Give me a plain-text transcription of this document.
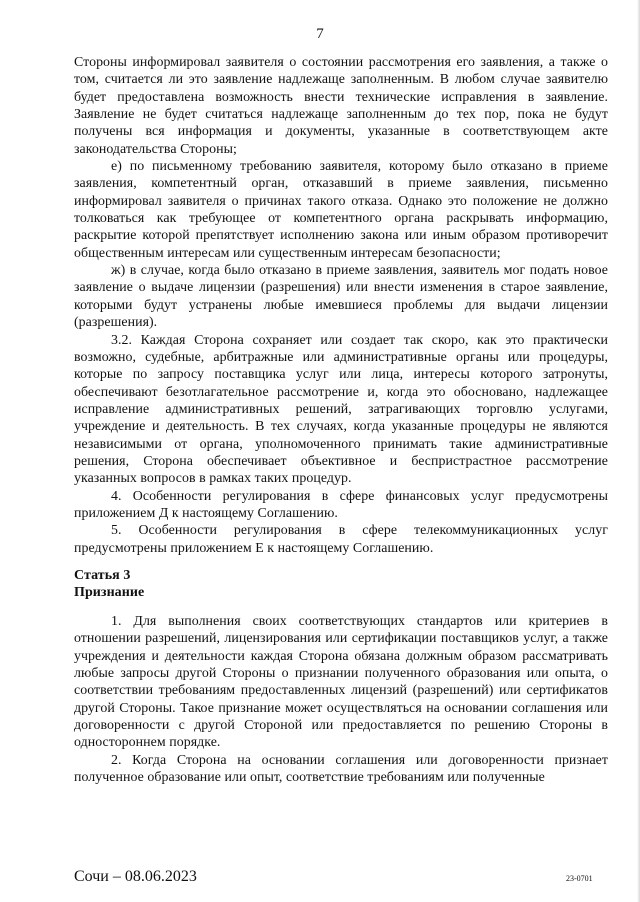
7

Стороны информировал заявителя о состоянии рассмотрения его заявления, а также о том, считается ли это заявление надлежаще заполненным. В любом случае заявителю будет предоставлена возможность внести технические исправления в заявление. Заявление не будет считаться надлежаще заполненным до тех пор, пока не будут получены вся информация и документы, указанные в соответствующем акте законодательства Стороны;

е) по письменному требованию заявителя, которому было отказано в приеме заявления, компетентный орган, отказавший в приеме заявления, письменно информировал заявителя о причинах такого отказа. Однако это положение не должно толковаться как требующее от компетентного органа раскрывать информацию, раскрытие которой препятствует исполнению закона или иным образом противоречит общественным интересам или существенным интересам безопасности;

ж) в случае, когда было отказано в приеме заявления, заявитель мог подать новое заявление о выдаче лицензии (разрешения) или внести изменения в старое заявление, которыми будут устранены любые имевшиеся проблемы для выдачи лицензии (разрешения).

3.2. Каждая Сторона сохраняет или создает так скоро, как это практически возможно, судебные, арбитражные или административные органы или процедуры, которые по запросу поставщика услуг или лица, интересы которого затронуты, обеспечивают безотлагательное рассмотрение и, когда это обосновано, надлежащее исправление административных решений, затрагивающих торговлю услугами, учреждение и деятельность. В тех случаях, когда указанные процедуры не являются независимыми от органа, уполномоченного принимать такие административные решения, Сторона обеспечивает объективное и беспристрастное рассмотрение указанных вопросов в рамках таких процедур.

4. Особенности регулирования в сфере финансовых услуг предусмотрены приложением Д к настоящему Соглашению.

5. Особенности регулирования в сфере телекоммуникационных услуг предусмотрены приложением Е к настоящему Соглашению.

Статья 3

Признание

1. Для выполнения своих соответствующих стандартов или критериев в отношении разрешений, лицензирования или сертификации поставщиков услуг, а также учреждения и деятельности каждая Сторона обязана должным образом рассматривать любые запросы другой Стороны о признании полученного образования или опыта, о соответствии требованиям предоставленных лицензий (разрешений) или сертификатов другой Стороны. Такое признание может осуществляться на основании соглашения или договоренности с другой Стороной или предоставляется по решению Стороны в одностороннем порядке.

2. Когда Сторона на основании соглашения или договоренности признает полученное образование или опыт, соответствие требованиям или полученные

Сочи – 08.06.2023	23-0701
